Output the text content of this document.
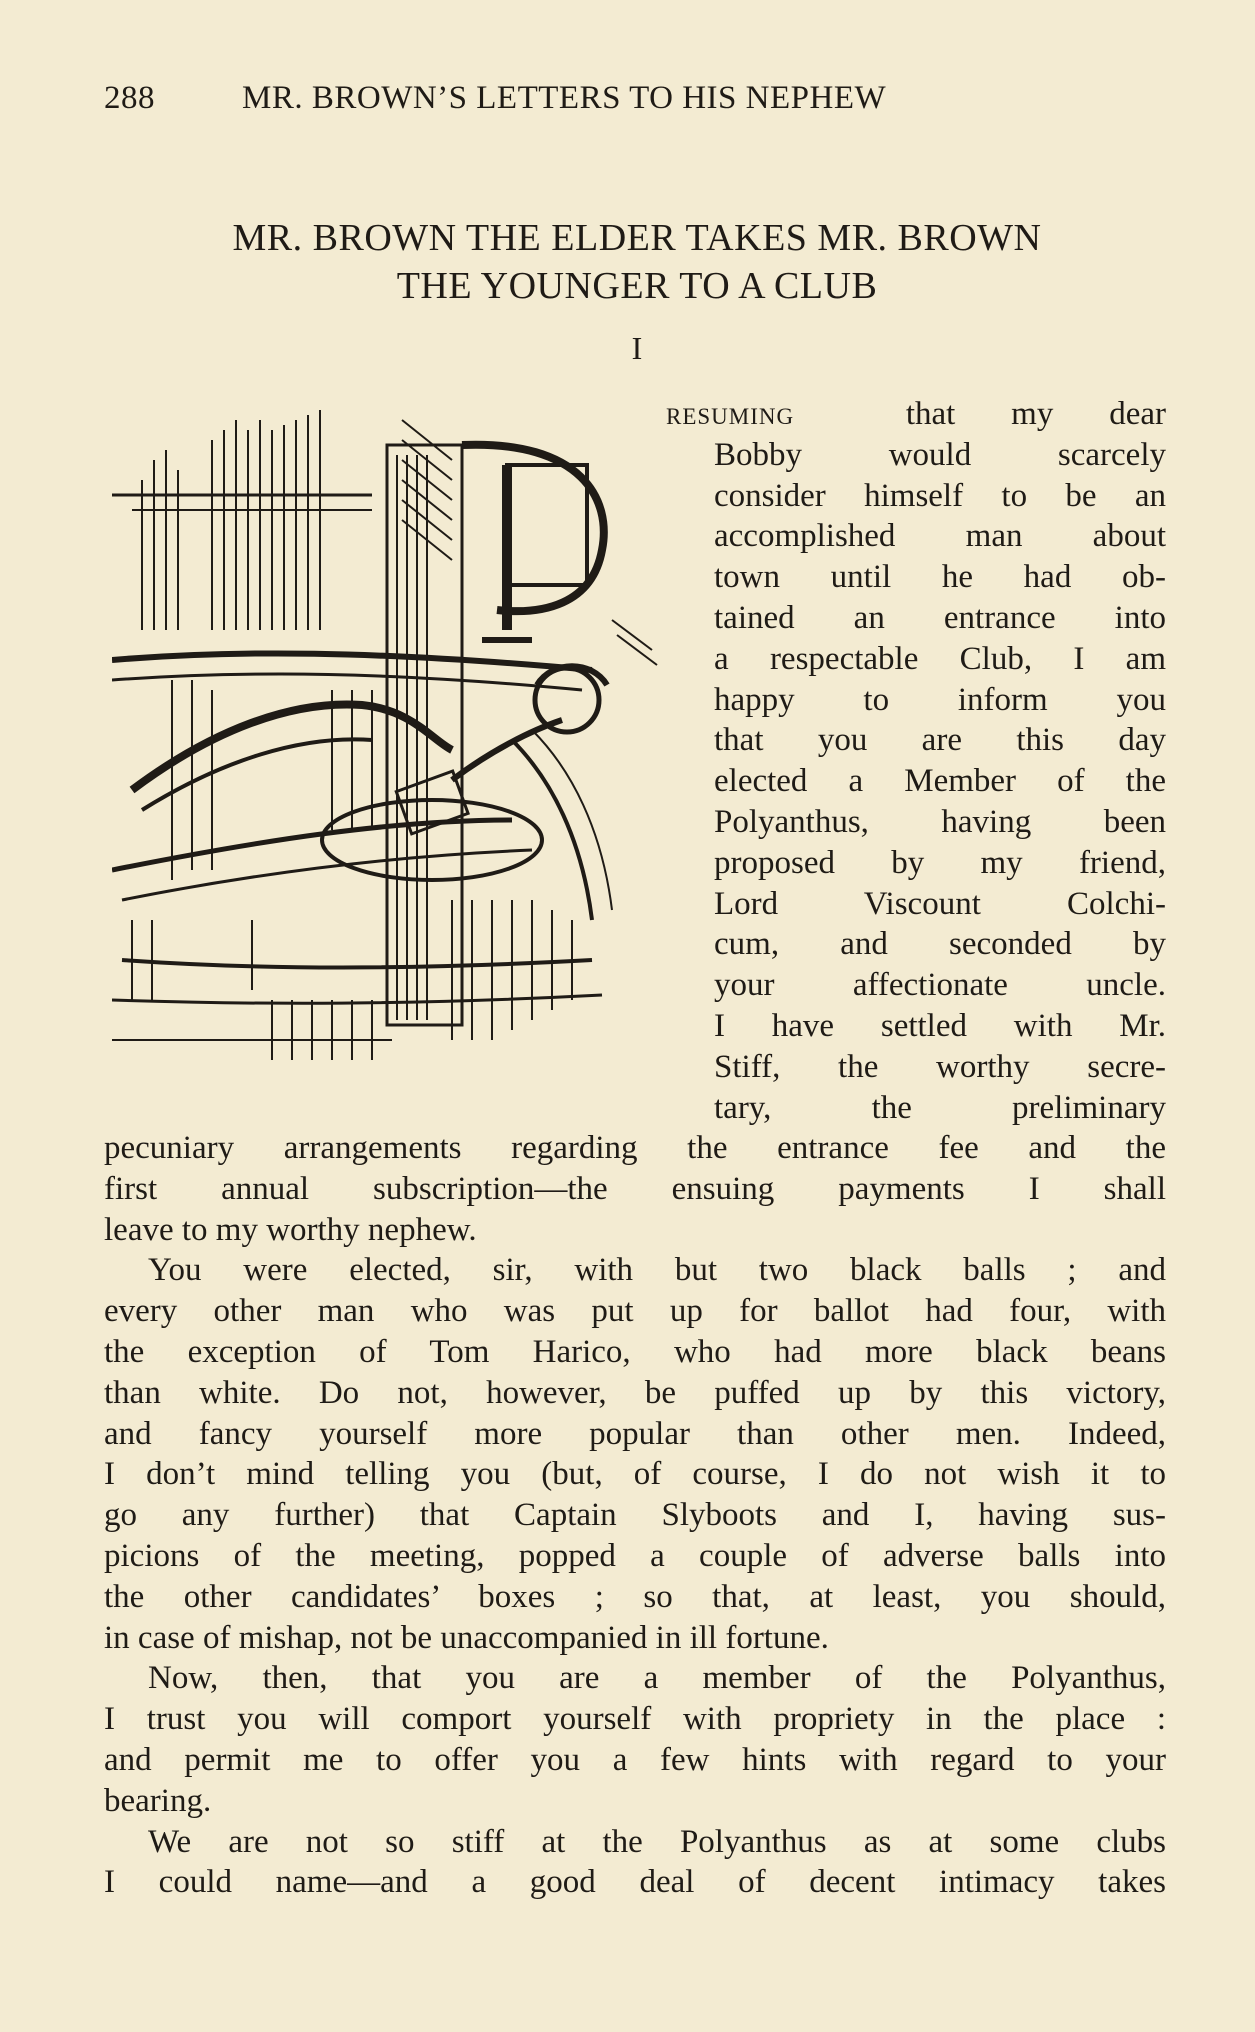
288	MR. BROWN’S LETTERS TO HIS NEPHEW
MR. BROWN THE ELDER TAKES MR. BROWN
THE YOUNGER TO A CLUB
I
resuming	that my dear
Bobby would scarcely
consider himself to be an
accomplished man about
town until he had ob-
tained an entrance into
a respectable Club, I am
happy to inform you
that you are this day
elected a Member of the
Polyanthus, having been
proposed by my friend,
Lord Viscount Colchi-
cum, and seconded by
your affectionate uncle.
I have settled with Mr.
Stiff, the worthy secre-
tary, the preliminary
pecuniary arrangements regarding the entrance fee and the
first annual subscription—the ensuing payments I shall
leave to my worthy nephew.
You were elected, sir, with but two black balls ; and
every other man who was put up for ballot had four, with
the exception of Tom Harico, who had more black beans
than white. Do not, however, be puffed up by this victory,
and fancy yourself more popular than other men. Indeed,
I don’t mind telling you (but, of course, I do not wish it to
go any further) that Captain Slyboots and I, having sus-
picions of the meeting, popped a couple of adverse balls into
the other candidates’ boxes ; so that, at least, you should,
in case of mishap, not be unaccompanied in ill fortune.
Now, then, that you are a member of the Polyanthus,
I trust you will comport yourself with propriety in the place :
and permit me to offer you a few hints with regard to your
bearing.
We are not so stiff at the Polyanthus as at some clubs
I could name—and a good deal of decent intimacy takes
